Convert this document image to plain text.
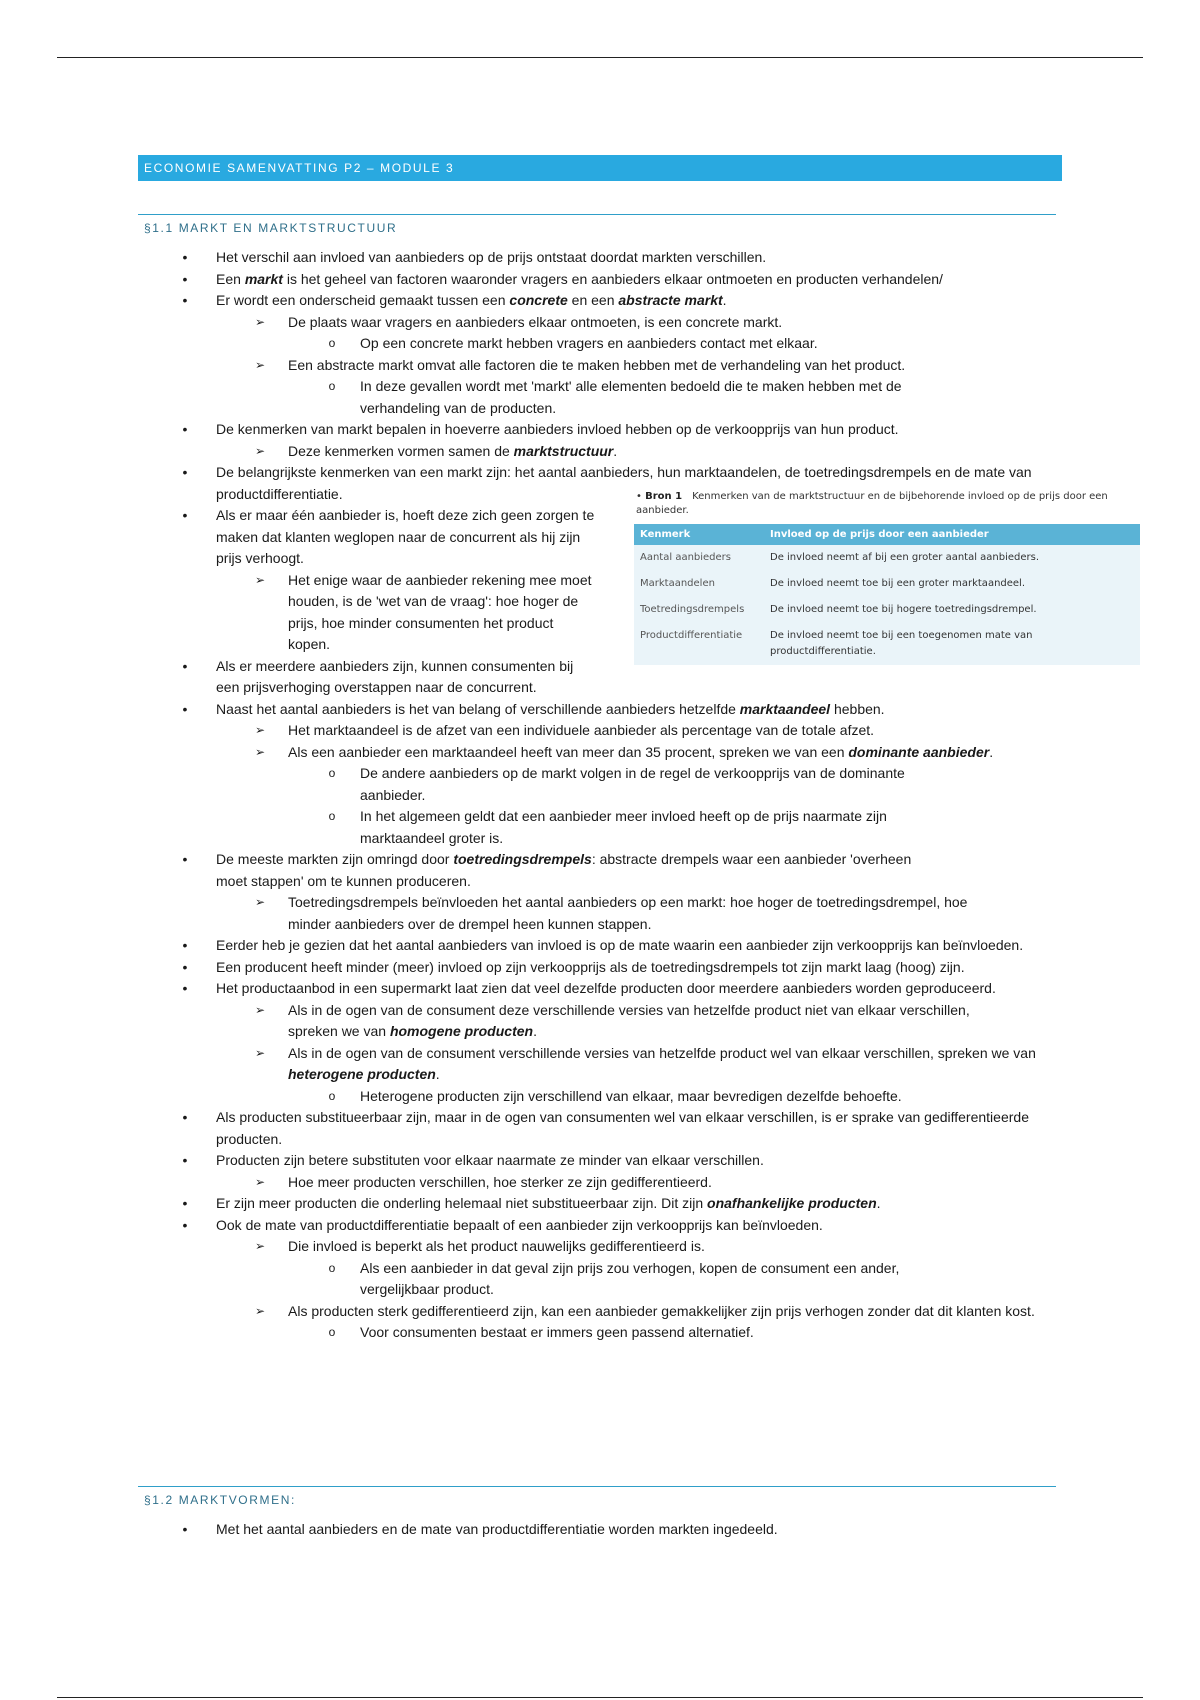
ECONOMIE SAMENVATTING P2 – MODULE 3
§1.1 MARKT EN MARKTSTRUCTUUR
•	Het verschil aan invloed van aanbieders op de prijs ontstaat doordat markten verschillen.
•	Een markt is het geheel van factoren waaronder vragers en aanbieders elkaar ontmoeten en producten verhandelen/
•	Er wordt een onderscheid gemaakt tussen een concrete en een abstracte markt.
➢ De plaats waar vragers en aanbieders elkaar ontmoeten, is een concrete markt.
o Op een concrete markt hebben vragers en aanbieders contact met elkaar.
➢ Een abstracte markt omvat alle factoren die te maken hebben met de verhandeling van het product.
o In deze gevallen wordt met 'markt' alle elementen bedoeld die te maken hebben met de verhandeling van de producten.
•	De kenmerken van markt bepalen in hoeverre aanbieders invloed hebben op de verkoopprijs van hun product.
➢ Deze kenmerken vormen samen de marktstructuur.
•	De belangrijkste kenmerken van een markt zijn: het aantal aanbieders, hun marktaandelen, de toetredingsdrempels en de mate van productdifferentiatie.
•	Als er maar één aanbieder is, hoeft deze zich geen zorgen te maken dat klanten weglopen naar de concurrent als hij zijn prijs verhoogt.
➢ Het enige waar de aanbieder rekening mee moet houden, is de 'wet van de vraag': hoe hoger de prijs, hoe minder consumenten het product kopen.
•	Als er meerdere aanbieders zijn, kunnen consumenten bij een prijsverhoging overstappen naar de concurrent.
•	Naast het aantal aanbieders is het van belang of verschillende aanbieders hetzelfde marktaandeel hebben.
➢ Het marktaandeel is de afzet van een individuele aanbieder als percentage van de totale afzet.
➢ Als een aanbieder een marktaandeel heeft van meer dan 35 procent, spreken we van een dominante aanbieder.
o De andere aanbieders op de markt volgen in de regel de verkoopprijs van de dominante aanbieder.
o In het algemeen geldt dat een aanbieder meer invloed heeft op de prijs naarmate zijn marktaandeel groter is.
•	De meeste markten zijn omringd door toetredingsdrempels: abstracte drempels waar een aanbieder 'overheen moet stappen' om te kunnen produceren.
➢ Toetredingsdrempels beïnvloeden het aantal aanbieders op een markt: hoe hoger de toetredingsdrempel, hoe minder aanbieders over de drempel heen kunnen stappen.
•	Eerder heb je gezien dat het aantal aanbieders van invloed is op de mate waarin een aanbieder zijn verkoopprijs kan beïnvloeden.
•	Een producent heeft minder (meer) invloed op zijn verkoopprijs als de toetredingsdrempels tot zijn markt laag (hoog) zijn.
•	Het productaanbod in een supermarkt laat zien dat veel dezelfde producten door meerdere aanbieders worden geproduceerd.
➢ Als in de ogen van de consument deze verschillende versies van hetzelfde product niet van elkaar verschillen, spreken we van homogene producten.
➢ Als in de ogen van de consument verschillende versies van hetzelfde product wel van elkaar verschillen, spreken we van heterogene producten.
o Heterogene producten zijn verschillend van elkaar, maar bevredigen dezelfde behoefte.
•	Als producten substitueerbaar zijn, maar in de ogen van consumenten wel van elkaar verschillen, is er sprake van gedifferentieerde producten.
•	Producten zijn betere substituten voor elkaar naarmate ze minder van elkaar verschillen.
➢ Hoe meer producten verschillen, hoe sterker ze zijn gedifferentieerd.
•	Er zijn meer producten die onderling helemaal niet substitueerbaar zijn. Dit zijn onafhankelijke producten.
•	Ook de mate van productdifferentiatie bepaalt of een aanbieder zijn verkoopprijs kan beïnvloeden.
➢ Die invloed is beperkt als het product nauwelijks gedifferentieerd is.
o Als een aanbieder in dat geval zijn prijs zou verhogen, kopen de consument een ander, vergelijkbaar product.
➢ Als producten sterk gedifferentieerd zijn, kan een aanbieder gemakkelijker zijn prijs verhogen zonder dat dit klanten kost.
o Voor consumenten bestaat er immers geen passend alternatief.
• Bron 1 Kenmerken van de marktstructuur en de bijbehorende invloed op de prijs door een aanbieder.
Kenmerk	Invloed op de prijs door een aanbieder
Aantal aanbieders	De invloed neemt af bij een groter aantal aanbieders.
Marktaandelen	De invloed neemt toe bij een groter marktaandeel.
Toetredingsdrempels	De invloed neemt toe bij hogere toetredingsdrempel.
Productdifferentiatie	De invloed neemt toe bij een toegenomen mate van productdifferentiatie.
§1.2 MARKTVORMEN:
•	Met het aantal aanbieders en de mate van productdifferentiatie worden markten ingedeeld.
